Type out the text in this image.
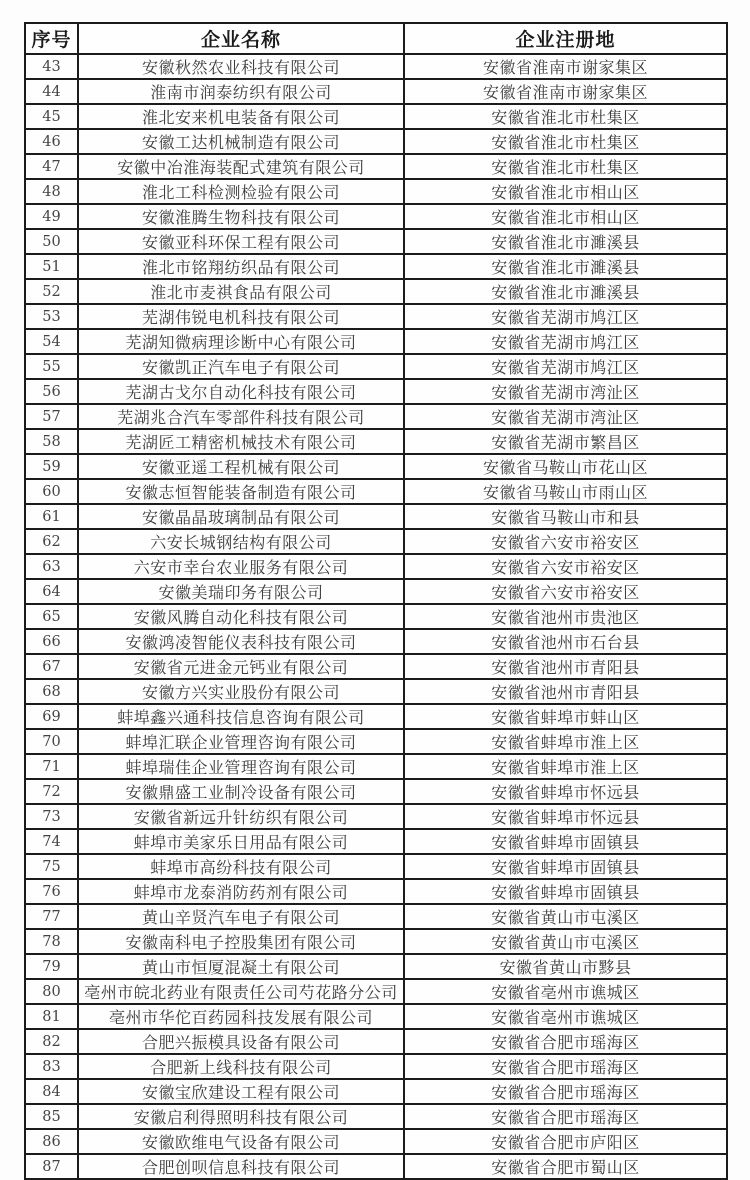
序号	企业名称	企业注册地
43	安徽秋然农业科技有限公司	安徽省淮南市谢家集区
44	淮南市润泰纺织有限公司	安徽省淮南市谢家集区
45	淮北安来机电装备有限公司	安徽省淮北市杜集区
46	安徽工达机械制造有限公司	安徽省淮北市杜集区
47	安徽中冶淮海装配式建筑有限公司	安徽省淮北市杜集区
48	淮北工科检测检验有限公司	安徽省淮北市相山区
49	安徽淮腾生物科技有限公司	安徽省淮北市相山区
50	安徽亚科环保工程有限公司	安徽省淮北市濉溪县
51	淮北市铭翔纺织品有限公司	安徽省淮北市濉溪县
52	淮北市麦祺食品有限公司	安徽省淮北市濉溪县
53	芜湖伟锐电机科技有限公司	安徽省芜湖市鸠江区
54	芜湖知微病理诊断中心有限公司	安徽省芜湖市鸠江区
55	安徽凯正汽车电子有限公司	安徽省芜湖市鸠江区
56	芜湖古戈尔自动化科技有限公司	安徽省芜湖市湾沚区
57	芜湖兆合汽车零部件科技有限公司	安徽省芜湖市湾沚区
58	芜湖匠工精密机械技术有限公司	安徽省芜湖市繁昌区
59	安徽亚遥工程机械有限公司	安徽省马鞍山市花山区
60	安徽志恒智能装备制造有限公司	安徽省马鞍山市雨山区
61	安徽晶晶玻璃制品有限公司	安徽省马鞍山市和县
62	六安长城钢结构有限公司	安徽省六安市裕安区
63	六安市幸台农业服务有限公司	安徽省六安市裕安区
64	安徽美瑞印务有限公司	安徽省六安市裕安区
65	安徽风腾自动化科技有限公司	安徽省池州市贵池区
66	安徽鸿凌智能仪表科技有限公司	安徽省池州市石台县
67	安徽省元进金元钙业有限公司	安徽省池州市青阳县
68	安徽方兴实业股份有限公司	安徽省池州市青阳县
69	蚌埠鑫兴通科技信息咨询有限公司	安徽省蚌埠市蚌山区
70	蚌埠汇联企业管理咨询有限公司	安徽省蚌埠市淮上区
71	蚌埠瑞佳企业管理咨询有限公司	安徽省蚌埠市淮上区
72	安徽鼎盛工业制冷设备有限公司	安徽省蚌埠市怀远县
73	安徽省新远升针纺织有限公司	安徽省蚌埠市怀远县
74	蚌埠市美家乐日用品有限公司	安徽省蚌埠市固镇县
75	蚌埠市高纷科技有限公司	安徽省蚌埠市固镇县
76	蚌埠市龙泰消防药剂有限公司	安徽省蚌埠市固镇县
77	黄山辛贤汽车电子有限公司	安徽省黄山市屯溪区
78	安徽南科电子控股集团有限公司	安徽省黄山市屯溪区
79	黄山市恒厦混凝土有限公司	安徽省黄山市黟县
80	亳州市皖北药业有限责任公司芍花路分公司	安徽省亳州市谯城区
81	亳州市华佗百药园科技发展有限公司	安徽省亳州市谯城区
82	合肥兴振模具设备有限公司	安徽省合肥市瑶海区
83	合肥新上线科技有限公司	安徽省合肥市瑶海区
84	安徽宝欣建设工程有限公司	安徽省合肥市瑶海区
85	安徽启利得照明科技有限公司	安徽省合肥市瑶海区
86	安徽欧维电气设备有限公司	安徽省合肥市庐阳区
87	合肥创呗信息科技有限公司	安徽省合肥市蜀山区
